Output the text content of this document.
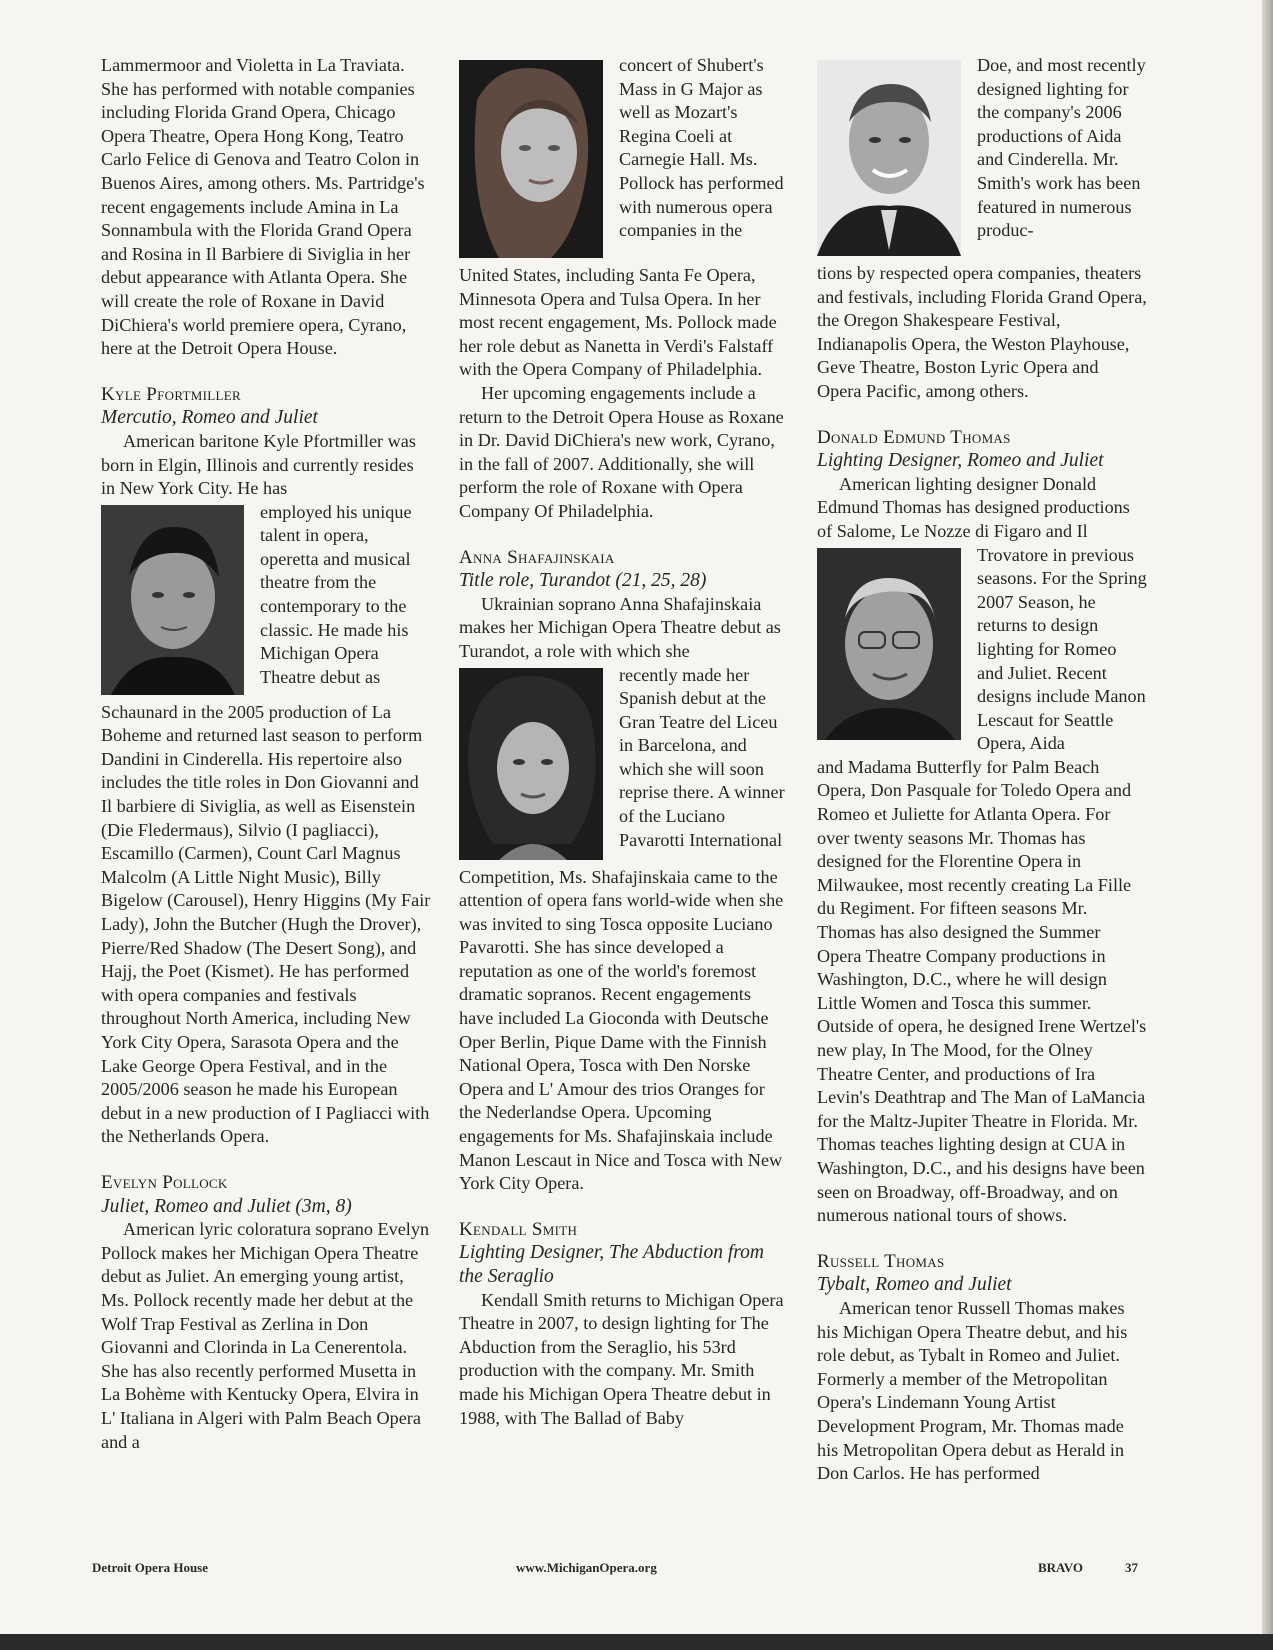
Lammermoor and Violetta in La Traviata. She has performed with notable companies including Florida Grand Opera, Chicago Opera Theatre, Opera Hong Kong, Teatro Carlo Felice di Genova and Teatro Colon in Buenos Aires, among others. Ms. Partridge's recent engagements include Amina in La Sonnambula with the Florida Grand Opera and Rosina in Il Barbiere di Siviglia in her debut appearance with Atlanta Opera. She will create the role of Roxane in David DiChiera's world premiere opera, Cyrano, here at the Detroit Opera House.

Kyle Pfortmiller
Mercutio, Romeo and Juliet

American baritone Kyle Pfortmiller was born in Elgin, Illinois and currently resides in New York City. He has

employed his unique talent in opera, operetta and musical theatre from the contemporary to the classic. He made his Michigan Opera Theatre debut as

Schaunard in the 2005 production of La Boheme and returned last season to perform Dandini in Cinderella. His repertoire also includes the title roles in Don Giovanni and Il barbiere di Siviglia, as well as Eisenstein (Die Fledermaus), Silvio (I pagliacci), Escamillo (Carmen), Count Carl Magnus Malcolm (A Little Night Music), Billy Bigelow (Carousel), Henry Higgins (My Fair Lady), John the Butcher (Hugh the Drover), Pierre/Red Shadow (The Desert Song), and Hajj, the Poet (Kismet). He has performed with opera companies and festivals throughout North America, including New York City Opera, Sarasota Opera and the Lake George Opera Festival, and in the 2005/2006 season he made his European debut in a new production of I Pagliacci with the Netherlands Opera.

Evelyn Pollock
Juliet, Romeo and Juliet (3m, 8)

American lyric coloratura soprano Evelyn Pollock makes her Michigan Opera Theatre debut as Juliet. An emerging young artist, Ms. Pollock recently made her debut at the Wolf Trap Festival as Zerlina in Don Giovanni and Clorinda in La Cenerentola. She has also recently performed Musetta in La Bohème with Kentucky Opera, Elvira in L' Italiana in Algeri with Palm Beach Opera and a

concert of Shubert's Mass in G Major as well as Mozart's Regina Coeli at Carnegie Hall. Ms. Pollock has performed with numerous opera companies in the

United States, including Santa Fe Opera, Minnesota Opera and Tulsa Opera. In her most recent engagement, Ms. Pollock made her role debut as Nanetta in Verdi's Falstaff with the Opera Company of Philadelphia.

Her upcoming engagements include a return to the Detroit Opera House as Roxane in Dr. David DiChiera's new work, Cyrano, in the fall of 2007. Additionally, she will perform the role of Roxane with Opera Company Of Philadelphia.

Anna Shafajinskaia
Title role, Turandot (21, 25, 28)

Ukrainian soprano Anna Shafajinskaia makes her Michigan Opera Theatre debut as Turandot, a role with which she

recently made her Spanish debut at the Gran Teatre del Liceu in Barcelona, and which she will soon reprise there. A winner of the Luciano Pavarotti International

Competition, Ms. Shafajinskaia came to the attention of opera fans world-wide when she was invited to sing Tosca opposite Luciano Pavarotti. She has since developed a reputation as one of the world's foremost dramatic sopranos. Recent engagements have included La Gioconda with Deutsche Oper Berlin, Pique Dame with the Finnish National Opera, Tosca with Den Norske Opera and L' Amour des trios Oranges for the Nederlandse Opera. Upcoming engagements for Ms. Shafajinskaia include Manon Lescaut in Nice and Tosca with New York City Opera.

Kendall Smith
Lighting Designer, The Abduction from the Seraglio

Kendall Smith returns to Michigan Opera Theatre in 2007, to design lighting for The Abduction from the Seraglio, his 53rd production with the company. Mr. Smith made his Michigan Opera Theatre debut in 1988, with The Ballad of Baby

Doe, and most recently designed lighting for the company's 2006 productions of Aida and Cinderella. Mr. Smith's work has been featured in numerous produc-

tions by respected opera companies, theaters and festivals, including Florida Grand Opera, the Oregon Shakespeare Festival, Indianapolis Opera, the Weston Playhouse, Geve Theatre, Boston Lyric Opera and Opera Pacific, among others.

Donald Edmund Thomas
Lighting Designer, Romeo and Juliet

American lighting designer Donald Edmund Thomas has designed productions of Salome, Le Nozze di Figaro and Il

Trovatore in previous seasons. For the Spring 2007 Season, he returns to design lighting for Romeo and Juliet. Recent designs include Manon Lescaut for Seattle Opera, Aida

and Madama Butterfly for Palm Beach Opera, Don Pasquale for Toledo Opera and Romeo et Juliette for Atlanta Opera. For over twenty seasons Mr. Thomas has designed for the Florentine Opera in Milwaukee, most recently creating La Fille du Regiment. For fifteen seasons Mr. Thomas has also designed the Summer Opera Theatre Company productions in Washington, D.C., where he will design Little Women and Tosca this summer. Outside of opera, he designed Irene Wertzel's new play, In The Mood, for the Olney Theatre Center, and productions of Ira Levin's Deathtrap and The Man of LaMancia for the Maltz-Jupiter Theatre in Florida. Mr. Thomas teaches lighting design at CUA in Washington, D.C., and his designs have been seen on Broadway, off-Broadway, and on numerous national tours of shows.

Russell Thomas
Tybalt, Romeo and Juliet

American tenor Russell Thomas makes his Michigan Opera Theatre debut, and his role debut, as Tybalt in Romeo and Juliet. Formerly a member of the Metropolitan Opera's Lindemann Young Artist Development Program, Mr. Thomas made his Metropolitan Opera debut as Herald in Don Carlos. He has performed

Detroit Opera House	www.MichiganOpera.org	BRAVO	37
